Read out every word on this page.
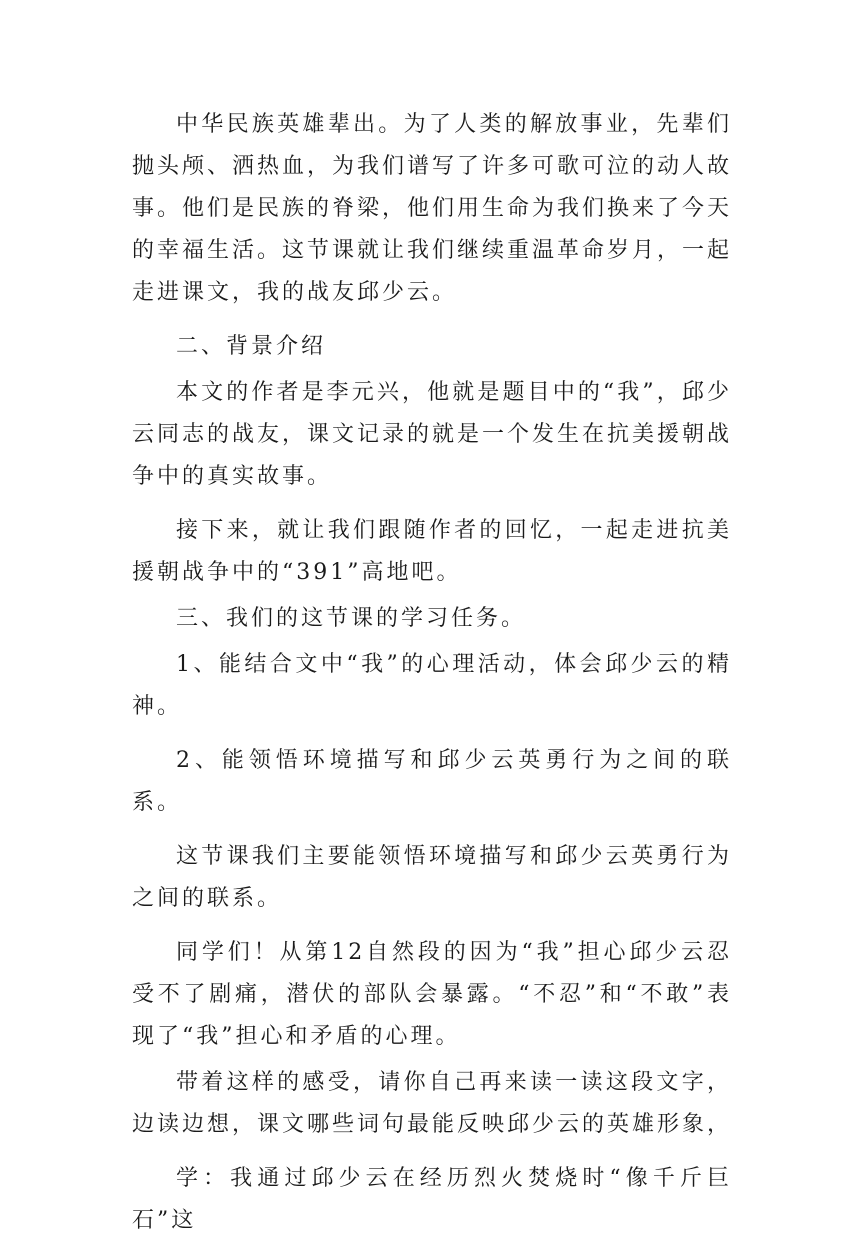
中华民族英雄辈出。为了人类的解放事业，先辈们抛头颅、洒热血，为我们谱写了许多可歌可泣的动人故事。他们是民族的脊梁，他们用生命为我们换来了今天的幸福生活。这节课就让我们继续重温革命岁月，一起走进课文，我的战友邱少云。

二、背景介绍

本文的作者是李元兴，他就是题目中的“我”，邱少云同志的战友，课文记录的就是一个发生在抗美援朝战争中的真实故事。

接下来，就让我们跟随作者的回忆，一起走进抗美援朝战争中的“391”高地吧。

三、我们的这节课的学习任务。

1、能结合文中“我”的心理活动，体会邱少云的精神。

2、能领悟环境描写和邱少云英勇行为之间的联系。

这节课我们主要能领悟环境描写和邱少云英勇行为之间的联系。

同学们！从第12自然段的因为“我”担心邱少云忍受不了剧痛，潜伏的部队会暴露。“不忍”和“不敢”表现了“我”担心和矛盾的心理。

带着这样的感受，请你自己再来读一读这段文字，边读边想，课文哪些词句最能反映邱少云的英雄形象，

学：我通过邱少云在经历烈火焚烧时“像千斤巨石”这
